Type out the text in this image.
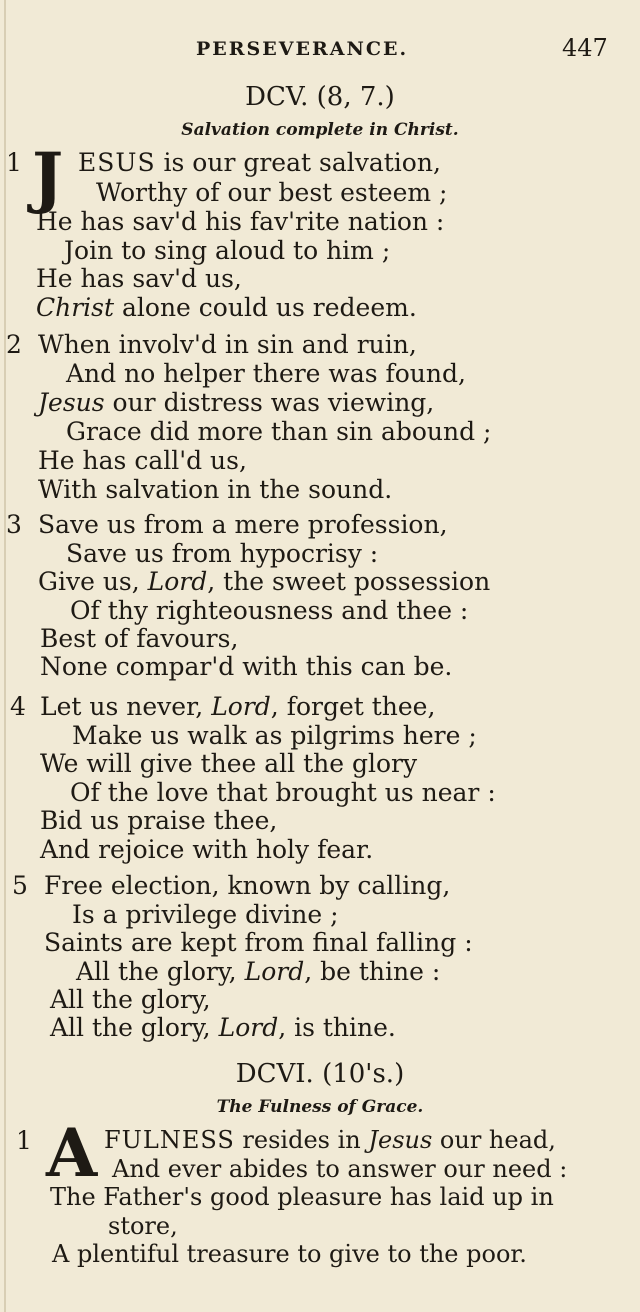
PERSEVERANCE.	447
DCV. (8, 7.)
Salvation complete in Christ.
1 J ESUS is our great salvation,
Worthy of our best esteem ;
He has sav'd his fav'rite nation :
Join to sing aloud to him ;
He has sav'd us,
Christ alone could us redeem.
2 When involv'd in sin and ruin,
And no helper there was found,
Jesus our distress was viewing,
Grace did more than sin abound ;
He has call'd us,
With salvation in the sound.
3 Save us from a mere profession,
Save us from hypocrisy :
Give us, Lord, the sweet possession
Of thy righteousness and thee :
Best of favours,
None compar'd with this can be.
4 Let us never, Lord, forget thee,
Make us walk as pilgrims here ;
We will give thee all the glory
Of the love that brought us near :
Bid us praise thee,
And rejoice with holy fear.
5 Free election, known by calling,
Is a privilege divine ;
Saints are kept from final falling :
All the glory, Lord, be thine :
All the glory,
All the glory, Lord, is thine.
DCVI. (10's.)
The Fulness of Grace.
1 A FULNESS resides in Jesus our head,
And ever abides to answer our need :
The Father's good pleasure has laid up in
store,
A plentiful treasure to give to the poor.
